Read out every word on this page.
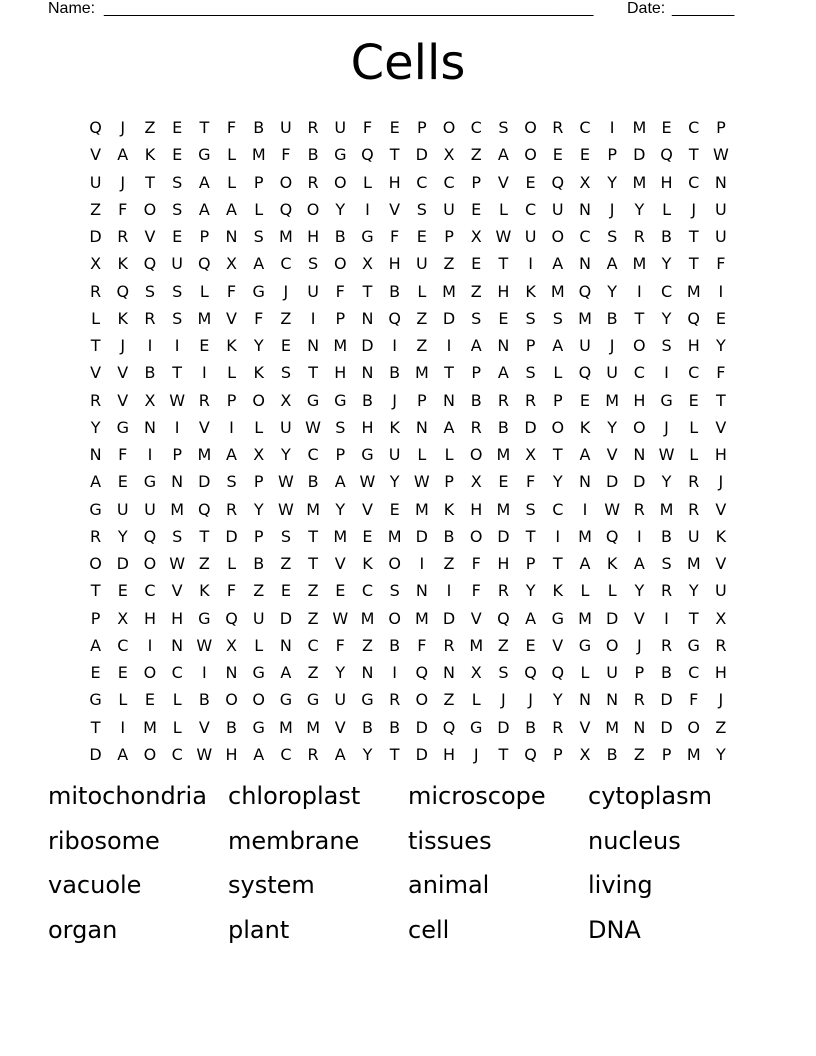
Name: _______________________________________________________ Date: _______
Cells
Q	J	Z	E	T	F	B U R U	F	E	P	O C	S O R	C	I	M E	C	P
V	A	K	E G	L M F	B G Q	T	D X	Z	A O E	E	P	D Q	T W
U	J	T	S	A	L	P	O R O	L	H C	C	P	V	E Q X	Y M H C N
Z	F	O S	A	A	L	Q O	Y	I	V	S	U	E	L	C U N	J	Y	L	J	U
D R	V	E	P	N	S M H B G	F	E	P	X W U O C	S	R	B	T	U
X	K Q U Q X	A	C	S O X H U Z	E	T	I	A N A M Y	T	F
R Q S	S	L	F	G	J	U	F	T	B	L M Z H K M Q	Y	I	C M	I
L	K	R	S M V	F	Z	I	P	N Q Z D S	E	S	S M B	T	Y	Q E
T	J	I	I	E	K	Y	E	N M D	I	Z	I	A N	P	A U	J	O S	H	Y
V	V	B	T	I	L	K	S	T	H N B M T	P	A	S	L	Q U C	I	C	F
R	V	X W R	P	O X G G B	J	P	N B	R	R	P	E M H G E	T
Y	G N	I	V	I	L	U W S	H K N A	R	B D O K	Y	O	J	L	V
N	F	I	P M A	X	Y	C	P	G U	L	L	O M X	T	A	V N W L	H
A	E G N D S	P W B	A W Y W P	X	E	F	Y	N D D	Y	R	J
G U U M Q R	Y W M Y	V	E M K H M S	C	I	W R M R	V
R	Y	Q S	T	D	P	S	T M E M D B O D	T	I	M Q	I	B U	K
O D O W Z	L	B	Z	T	V	K O	I	Z	F	H	P	T	A	K	A	S M V
T	E	C	V	K	F	Z	E	Z	E	C	S	N	I	F	R	Y	K	L	L	Y	R	Y	U
P	X H H G Q U D Z W M O M D V Q A G M D V	I	T	X
A	C	I	N W X	L	N C	F	Z	B	F	R M Z	E	V G O	J	R G R
E	E O C	I	N G A	Z	Y	N	I	Q N X	S Q Q	L	U	P	B	C H
G	L	E	L	B O O G G U G R O Z	L	J	J	Y	N N R D	F	J
T	I	M L	V	B G M M V	B	B D Q G D B	R	V M N D O Z
D A O C W H A	C	R	A	Y	T	D H	J	T	Q	P	X	B	Z	P M Y
mitochondria chloroplast	microscope	cytoplasm
ribosome	membrane	tissues	nucleus
vacuole	system	animal	living
organ	plant	cell	DNA
